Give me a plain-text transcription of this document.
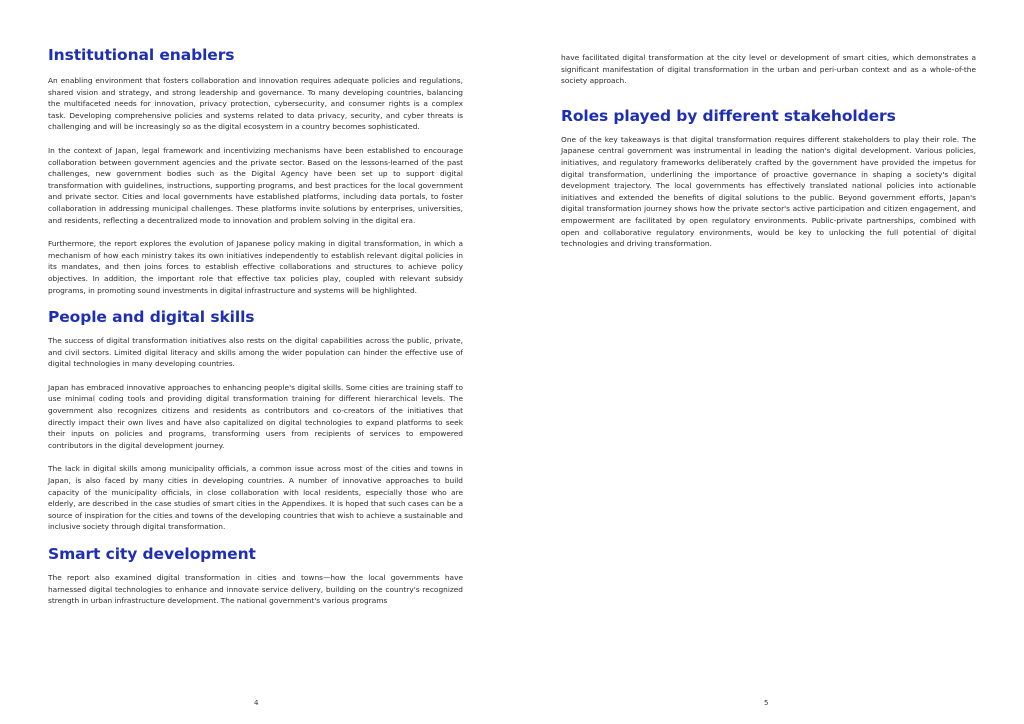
Institutional enablers

An enabling environment that fosters collaboration and innovation requires adequate policies and regulations, shared vision and strategy, and strong leadership and governance. To many developing countries, balancing the multifaceted needs for innovation, privacy protection, cybersecurity, and consumer rights is a complex task. Developing comprehensive policies and systems related to data privacy, security, and cyber threats is challenging and will be increasingly so as the digital ecosystem in a country becomes sophisticated.

In the context of Japan, legal framework and incentivizing mechanisms have been established to encourage collaboration between government agencies and the private sector. Based on the lessons-learned of the past challenges, new government bodies such as the Digital Agency have been set up to support digital transformation with guidelines, instructions, supporting programs, and best practices for the local government and private sector. Cities and local governments have established platforms, including data portals, to foster collaboration in addressing municipal challenges. These platforms invite solutions by enterprises, universities, and residents, reflecting a decentralized mode to innovation and problem solving in the digital era.

Furthermore, the report explores the evolution of Japanese policy making in digital transformation, in which a mechanism of how each ministry takes its own initiatives independently to establish relevant digital policies in its mandates, and then joins forces to establish effective collaborations and structures to achieve policy objectives. In addition, the important role that effective tax policies play, coupled with relevant subsidy programs, in promoting sound investments in digital infrastructure and systems will be highlighted.

People and digital skills

The success of digital transformation initiatives also rests on the digital capabilities across the public, private, and civil sectors. Limited digital literacy and skills among the wider population can hinder the effective use of digital technologies in many developing countries.

Japan has embraced innovative approaches to enhancing people's digital skills. Some cities are training staff to use minimal coding tools and providing digital transformation training for different hierarchical levels. The government also recognizes citizens and residents as contributors and co-creators of the initiatives that directly impact their own lives and have also capitalized on digital technologies to expand platforms to seek their inputs on policies and programs, transforming users from recipients of services to empowered contributors in the digital development journey.

The lack in digital skills among municipality officials, a common issue across most of the cities and towns in Japan, is also faced by many cities in developing countries. A number of innovative approaches to build capacity of the municipality officials, in close collaboration with local residents, especially those who are elderly, are described in the case studies of smart cities in the Appendixes. It is hoped that such cases can be a source of inspiration for the cities and towns of the developing countries that wish to achieve a sustainable and inclusive society through digital transformation.

Smart city development

The report also examined digital transformation in cities and towns—how the local governments have harnessed digital technologies to enhance and innovate service delivery, building on the country's recognized strength in urban infrastructure development. The national government's various programs

4

have facilitated digital transformation at the city level or development of smart cities, which demonstrates a significant manifestation of digital transformation in the urban and peri-urban context and as a whole-of-the society approach.

Roles played by different stakeholders

One of the key takeaways is that digital transformation requires different stakeholders to play their role. The Japanese central government was instrumental in leading the nation's digital development. Various policies, initiatives, and regulatory frameworks deliberately crafted by the government have provided the impetus for digital transformation, underlining the importance of proactive governance in shaping a society's digital development trajectory. The local governments has effectively translated national policies into actionable initiatives and extended the benefits of digital solutions to the public. Beyond government efforts, Japan's digital transformation journey shows how the private sector's active participation and citizen engagement, and empowerment are facilitated by open regulatory environments. Public-private partnerships, combined with open and collaborative regulatory environments, would be key to unlocking the full potential of digital technologies and driving transformation.

5
